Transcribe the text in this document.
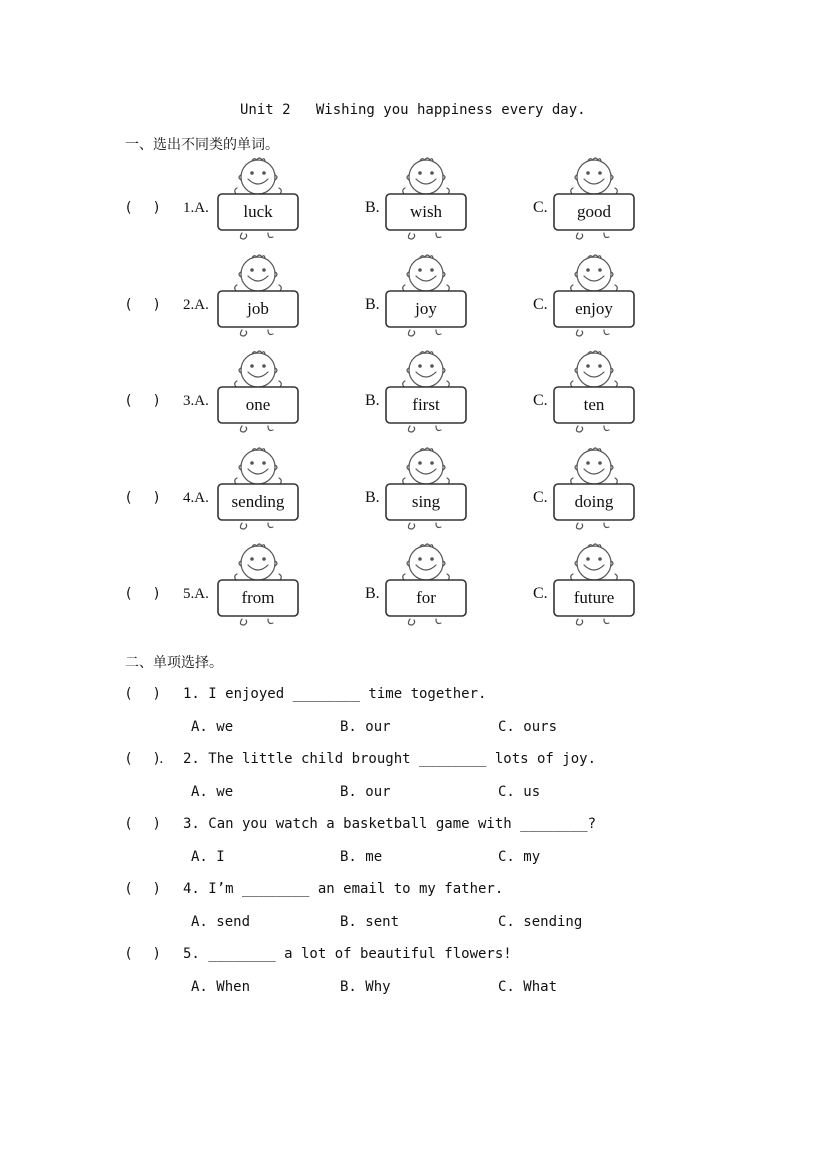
Unit 2   Wishing you happiness every day.
一、选出不同类的单词。
(     ) 1.A.	luck	B.	wish	C.	good
(     ) 2.A.	job	B.	joy	C.	enjoy
(     ) 3.A.	one	B.	first	C.	ten
(     ) 4.A.	sending	B.	sing	C.	doing
(     ) 5.A.	from	B.	for	C.	future
二、单项选择。
(     ) 1. I enjoyed ________ time together.
A. we	B. our	C. ours
(     ). 2. The little child brought ________ lots of joy.
A. we	B. our	C. us
(     ) 3. Can you watch a basketball game with ________?
A. I	B. me	C. my
(     ) 4. I’m ________ an email to my father.
A. send	B. sent	C. sending
(     ) 5. ________ a lot of beautiful flowers!
A. When	B. Why	C. What
